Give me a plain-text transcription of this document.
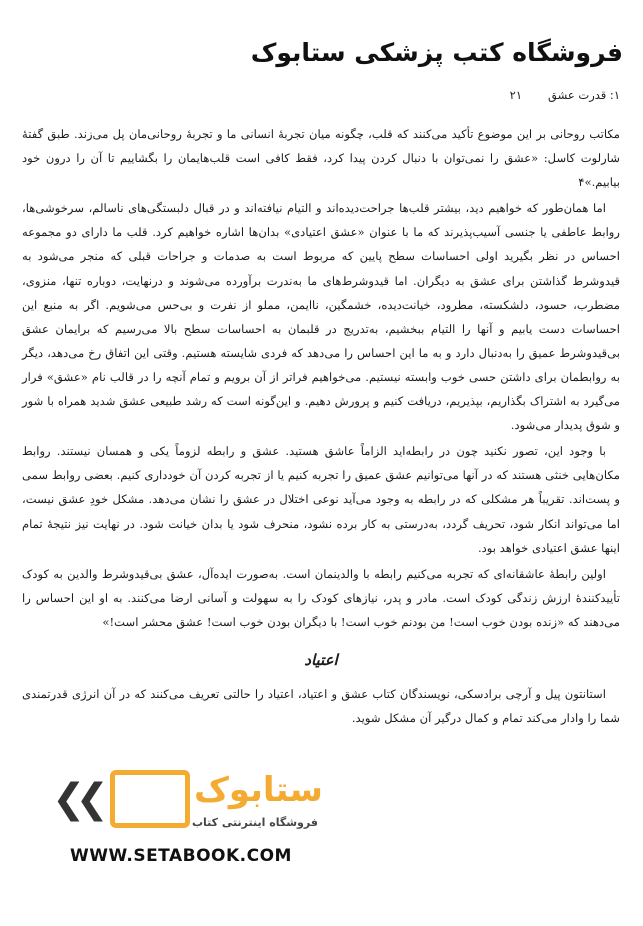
فروشگاه کتب پزشکی ستابوک
۱: قدرت عشق۲۱

مکاتب روحانی بر این موضوع تأکید می‌کنند که قلب، چگونه میان تجربهٔ انسانی ما و تجربهٔ روحانی‌مان پل می‌زند. طبق گفتهٔ شارلوت کاسل: «عشق را نمی‌توان با دنبال کردن پیدا کرد، فقط کافی است قلب‌هایمان را بگشاییم تا آن را درون خود بیابیم.»۴

اما همان‌طور که خواهیم دید، بیشتر قلب‌ها جراحت‌دیده‌اند و التیام نیافته‌اند و در قبال دلبستگی‌های ناسالم، سرخوشی‌ها، روابط عاطفی یا جنسی آسیب‌پذیرند که ما با عنوان «عشق اعتیادی» بدان‌ها اشاره خواهیم کرد. قلب ما دارای دو مجموعه احساس در نظر بگیرید اولی احساسات سطح پایین که مربوط است به صدمات و جراحات قبلی که منجر می‌شود به قیدوشرط گذاشتن برای عشق به دیگران. اما قیدوشرط‌های ما به‌ندرت برآورده می‌شوند و درنهایت، دوباره تنها، منزوی، مضطرب، حسود، دلشکسته، مطرود، خیانت‌دیده، خشمگین، ناایمن، مملو از نفرت و بی‌حس می‌شویم. اگر به منبع این احساسات دست یابیم و آنها را التیام ببخشیم، به‌تدریج در قلبمان به احساسات سطح بالا می‌رسیم که برایمان عشق بی‌قیدوشرط عمیق را به‌دنبال دارد و به ما این احساس را می‌دهد که فردی شایسته هستیم. وقتی این اتفاق رخ می‌دهد، دیگر به روابطمان برای داشتن حسی خوب وابسته نیستیم. می‌خواهیم فراتر از آن برویم و تمام آنچه را در قالب نام «عشق» فرار می‌گیرد به اشتراک بگذاریم، بپذیریم، دریافت کنیم و پرورش دهیم. و این‌گونه است که رشد طبیعی عشق شدید همراه با شور و شوق پدیدار می‌شود.

با وجود این، تصور نکنید چون در رابطه‌اید الزاماً عاشق هستید. عشق و رابطه لزوماً یکی و همسان نیستند. روابط مکان‌هایی خنثی هستند که در آنها می‌توانیم عشق عمیق را تجربه کنیم یا از تجربه کردن آن خودداری کنیم. بعضی روابط سمی و پست‌اند. تقریباً هر مشکلی که در رابطه به وجود می‌آید نوعی اختلال در عشق را نشان می‌دهد. مشکل خودِ عشق نیست، اما می‌تواند انکار شود، تحریف گردد، به‌درستی به کار برده نشود، منحرف شود یا بدان خیانت شود. در نهایت نیز نتیجهٔ تمام اینها عشق اعتیادی خواهد بود.

اولین رابطهٔ عاشقانه‌ای که تجربه می‌کنیم رابطه با والدینمان است. به‌صورت ایده‌آل، عشق بی‌قیدوشرط والدین به کودک تأییدکنندهٔ ارزش زندگی کودک است. مادر و پدر، نیازهای کودک را به سهولت و آسانی ارضا می‌کنند. به او این احساس را می‌دهند که «زنده بودن خوب است! من بودنم خوب است! با دیگران بودن خوب است! عشق محشر است!»

اعتیاد

استانتون پیل و آرچی برادسکی، نویسندگان کتاب عشق و اعتیاد، اعتیاد را حالتی تعریف می‌کنند که در آن انرژی قدرتمندی شما را وادار می‌کند تمام و کمال درگیر آن مشکل شوید.

❮❮	ستابوک
فروشگاه اینترنتی کتاب
WWW.SETABOOK.COM
